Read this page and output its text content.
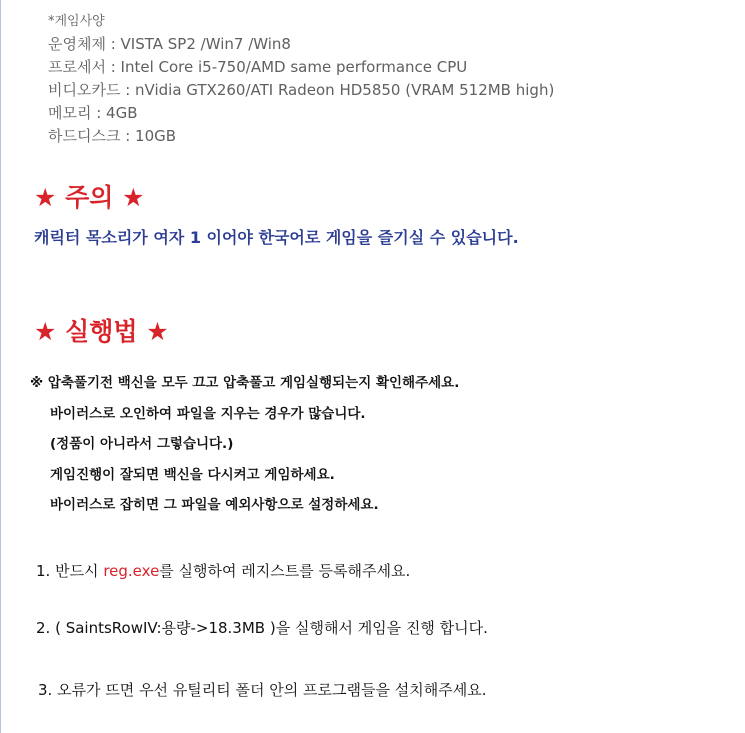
*게임사양
운영체제 : VISTA SP2 /Win7 /Win8
프로세서 : Intel Core i5-750/AMD same performance CPU
비디오카드 : nVidia GTX260/ATI Radeon HD5850 (VRAM 512MB high)
메모리 : 4GB
하드디스크 : 10GB
★ 주의 ★
캐릭터 목소리가 여자 1 이어야 한국어로 게임을 즐기실 수 있습니다.
★ 실행법 ★
※ 압축풀기전 백신을 모두 끄고 압축풀고 게임실행되는지 확인해주세요.
바이러스로 오인하여 파일을 지우는 경우가 많습니다.
(정품이 아니라서 그렇습니다.)
게임진행이 잘되면 백신을 다시켜고 게임하세요.
바이러스로 잡히면 그 파일을 예외사항으로 설정하세요.
1. 반드시 reg.exe를 실행하여 레지스트를 등록해주세요.
2. ( SaintsRowIV:용량->18.3MB )을 실행해서 게임을 진행 합니다.
3. 오류가 뜨면 우선 유틸리티 폴더 안의 프로그램들을 설치해주세요.
